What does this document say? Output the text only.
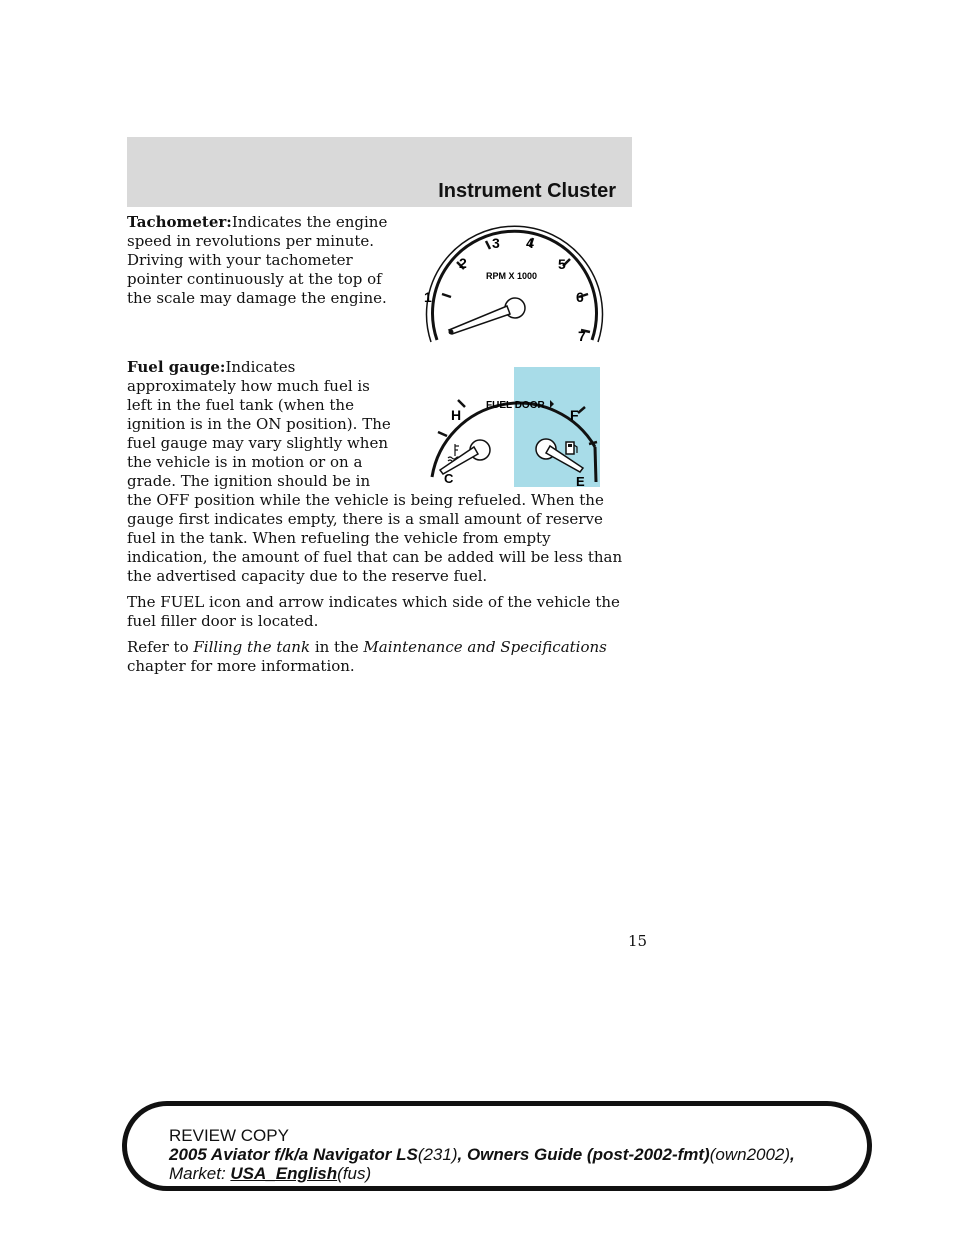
Instrument Cluster

Tachometer:Indicates the engine speed in revolutions per minute. Driving with your tachometer pointer continuously at the top of the scale may damage the engine.	1
2
3 4
5
6
7
RPM X 1000

Fuel gauge:Indicates approximately how much fuel is left in the fuel tank (when the ignition is in the ON position). The fuel gauge may vary slightly when the vehicle is in motion or on a grade. The ignition should be in the OFF position while the vehicle is being refueled. When the gauge first indicates empty, there is a small amount of reserve fuel in the tank. When refueling the vehicle from empty indication, the amount of fuel that can be added will be less than the advertised capacity due to the reserve fuel.

The FUEL icon and arrow indicates which side of the vehicle the fuel filler door is located.

Refer to Filling the tank in the Maintenance and Specifications chapter for more information.

FUEL DOOR
H
C
F
E
15
REVIEW COPY
2005 Aviator f/k/a Navigator LS(231), Owners Guide (post-2002-fmt)(own2002),
Market: USA_English(fus)
